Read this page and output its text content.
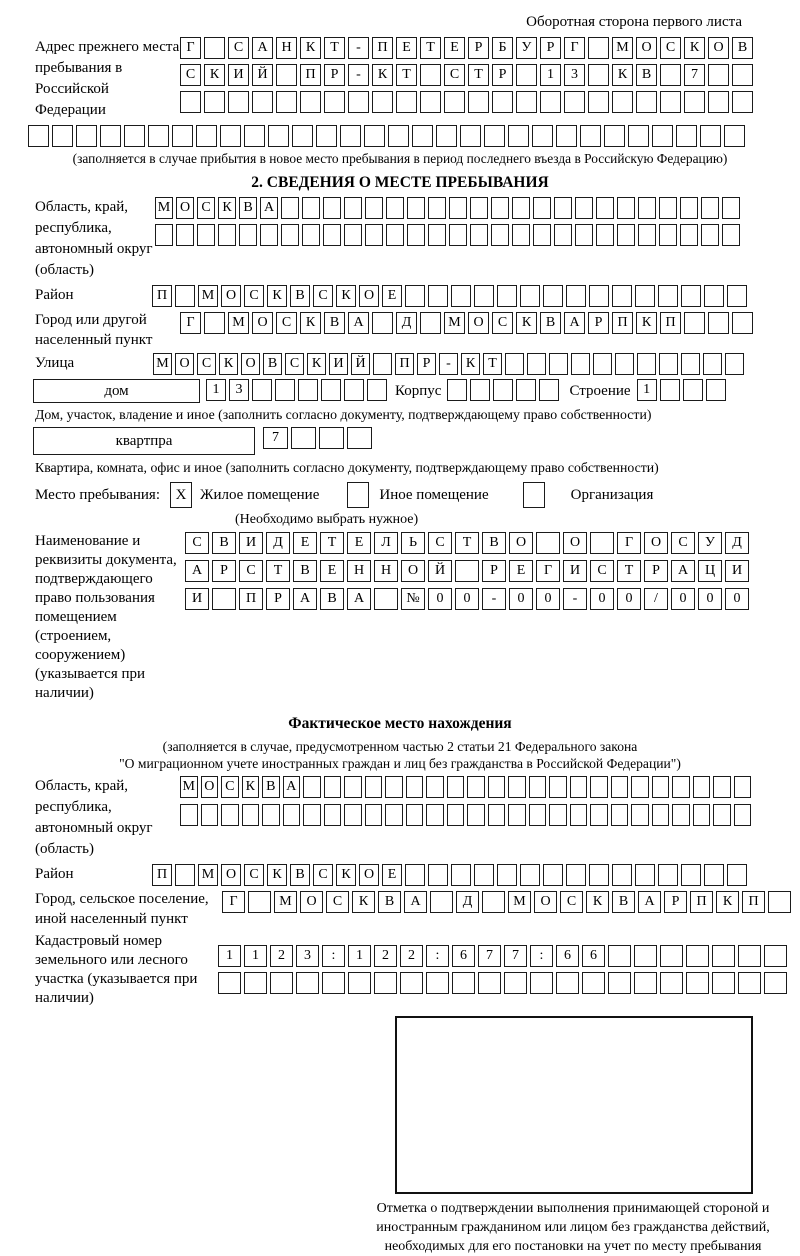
Оборотная сторона первого листа
Адрес прежнего места пребывания в Российской Федерации
Г	С	А Н	К	Т	-	П	Е	Т	Е	Р	Б	У	Р	Г	М О	С	К	О	В
С	К	И Й	П	Р	-	К	Т	С	Т	Р	1	3	К	В	7
(заполняется в случае прибытия в новое место пребывания в период последнего въезда в Российскую Федерацию)
2. СВЕДЕНИЯ О МЕСТЕ ПРЕБЫВАНИЯ
Область, край, республика, автономный округ (область)
М О С К В А
Район	П	М О С К В С К О Е
Город или другой населенный пункт
Г	М О	С	К	В	А	Д	М О	С	К	В	А	Р	П	К	П
Улица	М О С К О В С К И Й	П Р	-	К Т
дом	1	3	Корпус	Строение 1
Дом, участок, владение и иное (заполнить согласно документу, подтверждающему право собственности)
квартпра	7
Квартира, комната, офис и иное (заполнить согласно документу, подтверждающему право собственности)
Место пребывания:	X Жилое помещение	Иное помещение	Организация
(Необходимо выбрать нужное)
Наименование и реквизиты документа, подтверждающего право пользования помещением (строением, сооружением) (указывается при наличии)
С	В	И	Д	Е	Т	Е	Л	Ь	С	Т	В	О	О	Г	О	С	У	Д
А	Р	С	Т	В	Е	Н	Н	О	Й	Р	Е	Г	И	С	Т	Р	А	Ц	И
И	П	Р	А	В	А	№	0	0	-	0	0	-	0	0	/	0	0	0
Фактическое место нахождения
(заполняется в случае, предусмотренном частью 2 статьи 21 Федерального закона
"О миграционном учете иностранных граждан и лиц без гражданства в Российской Федерации")
Область, край, республика, автономный округ (область)
М О С К В А
Район	П	М О С К В С К О Е
Город, сельское поселение, иной населенный пункт
Г	М	О	С	К	В	А	Д	М	О	С	К	В	А	Р	П	К	П
Кадастровый номер земельного или лесного участка (указывается при наличии)
1	1	2	3	:	1	2	2	:	6	7	7	:	6	6
Отметка о подтверждении выполнения принимающей стороной и иностранным гражданином или лицом без гражданства действий, необходимых для его постановки на учет по месту пребывания
